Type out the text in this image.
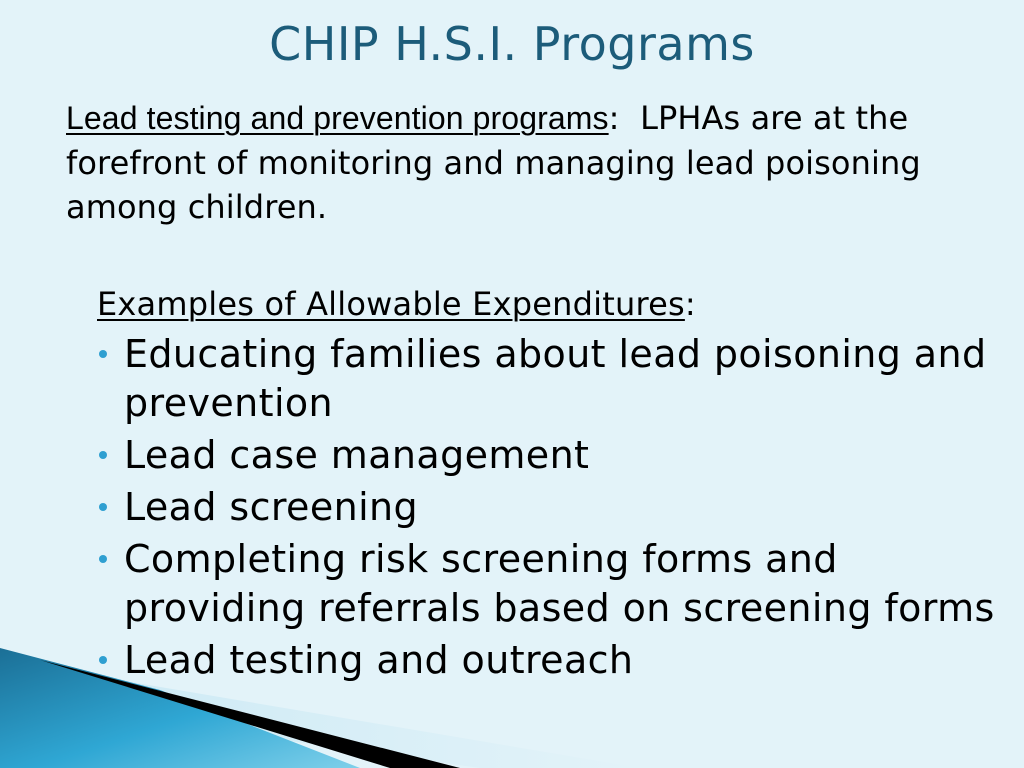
CHIP H.S.I. Programs
Lead testing and prevention programs: LPHAs are at the forefront of monitoring and managing lead poisoning among children.
Examples of Allowable Expenditures:
Educating families about lead poisoning and prevention
Lead case management
Lead screening
Completing risk screening forms and providing referrals based on screening forms
Lead testing and outreach
